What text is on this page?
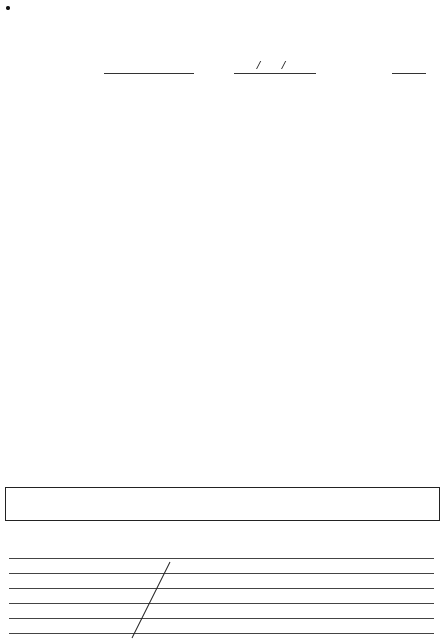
/ /
